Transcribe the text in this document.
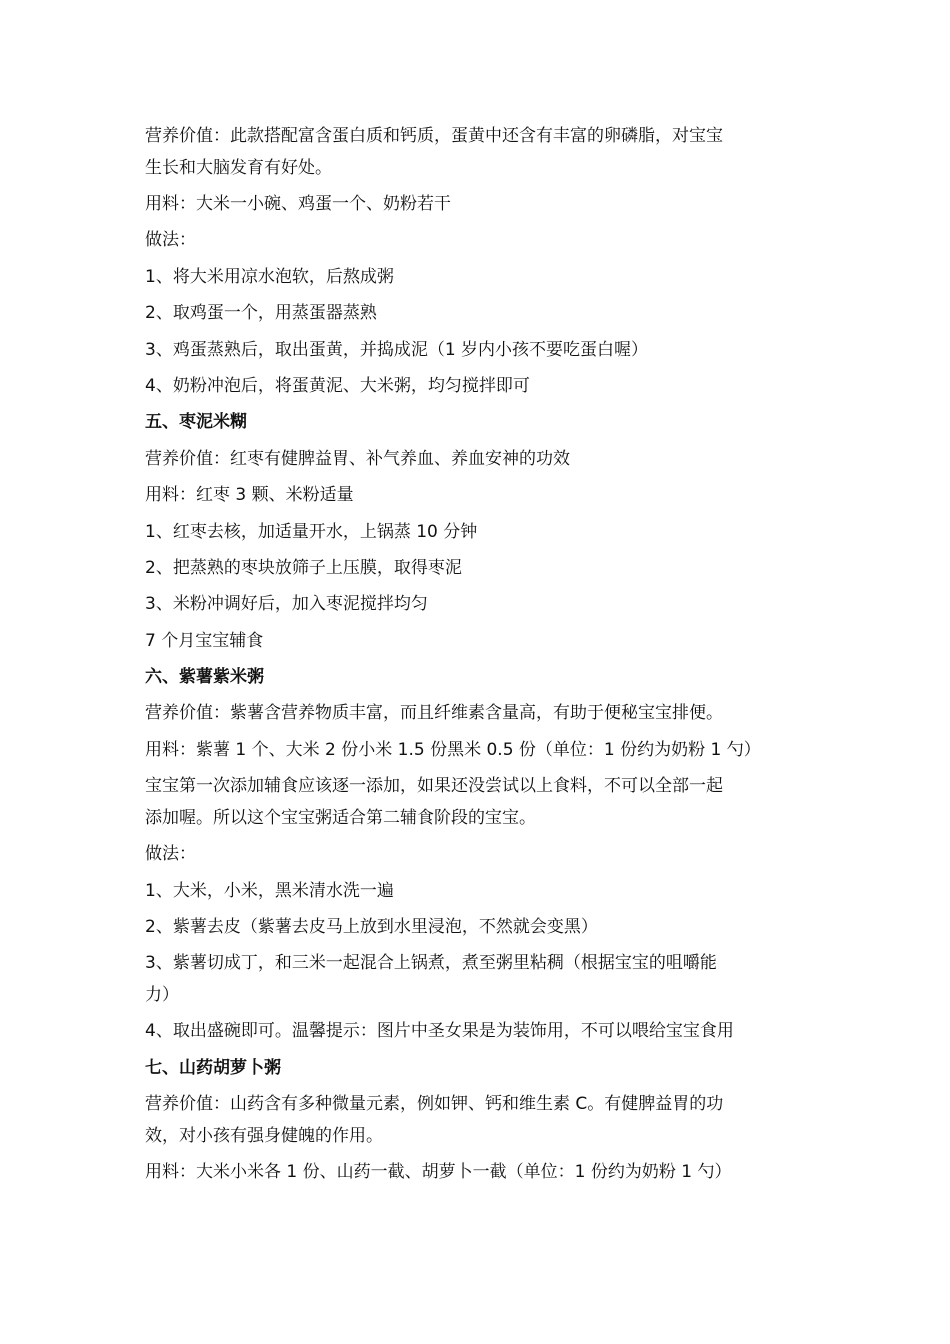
营养价值：此款搭配富含蛋白质和钙质，蛋黄中还含有丰富的卵磷脂，对宝宝
生长和大脑发育有好处。
用料：大米一小碗、鸡蛋一个、奶粉若干
做法：
1、将大米用凉水泡软，后熬成粥
2、取鸡蛋一个，用蒸蛋器蒸熟
3、鸡蛋蒸熟后，取出蛋黄，并捣成泥（1 岁内小孩不要吃蛋白喔）
4、奶粉冲泡后，将蛋黄泥、大米粥，均匀搅拌即可
五、枣泥米糊
营养价值：红枣有健脾益胃、补气养血、养血安神的功效
用料：红枣 3 颗、米粉适量
1、红枣去核，加适量开水，上锅蒸 10 分钟
2、把蒸熟的枣块放筛子上压膜，取得枣泥
3、米粉冲调好后，加入枣泥搅拌均匀
7 个月宝宝辅食
六、紫薯紫米粥
营养价值：紫薯含营养物质丰富，而且纤维素含量高，有助于便秘宝宝排便。
用料：紫薯 1 个、大米 2 份小米 1.5 份黑米 0.5 份（单位：1 份约为奶粉 1 勺）
宝宝第一次添加辅食应该逐一添加，如果还没尝试以上食料，不可以全部一起
添加喔。所以这个宝宝粥适合第二辅食阶段的宝宝。
做法：
1、大米，小米，黑米清水洗一遍
2、紫薯去皮（紫薯去皮马上放到水里浸泡，不然就会变黑）
3、紫薯切成丁，和三米一起混合上锅煮，煮至粥里粘稠（根据宝宝的咀嚼能
力）
4、取出盛碗即可。温馨提示：图片中圣女果是为装饰用，不可以喂给宝宝食用
七、山药胡萝卜粥
营养价值：山药含有多种微量元素，例如钾、钙和维生素 C。有健脾益胃的功
效，对小孩有强身健魄的作用。
用料：大米小米各 1 份、山药一截、胡萝卜一截（单位：1 份约为奶粉 1 勺）
